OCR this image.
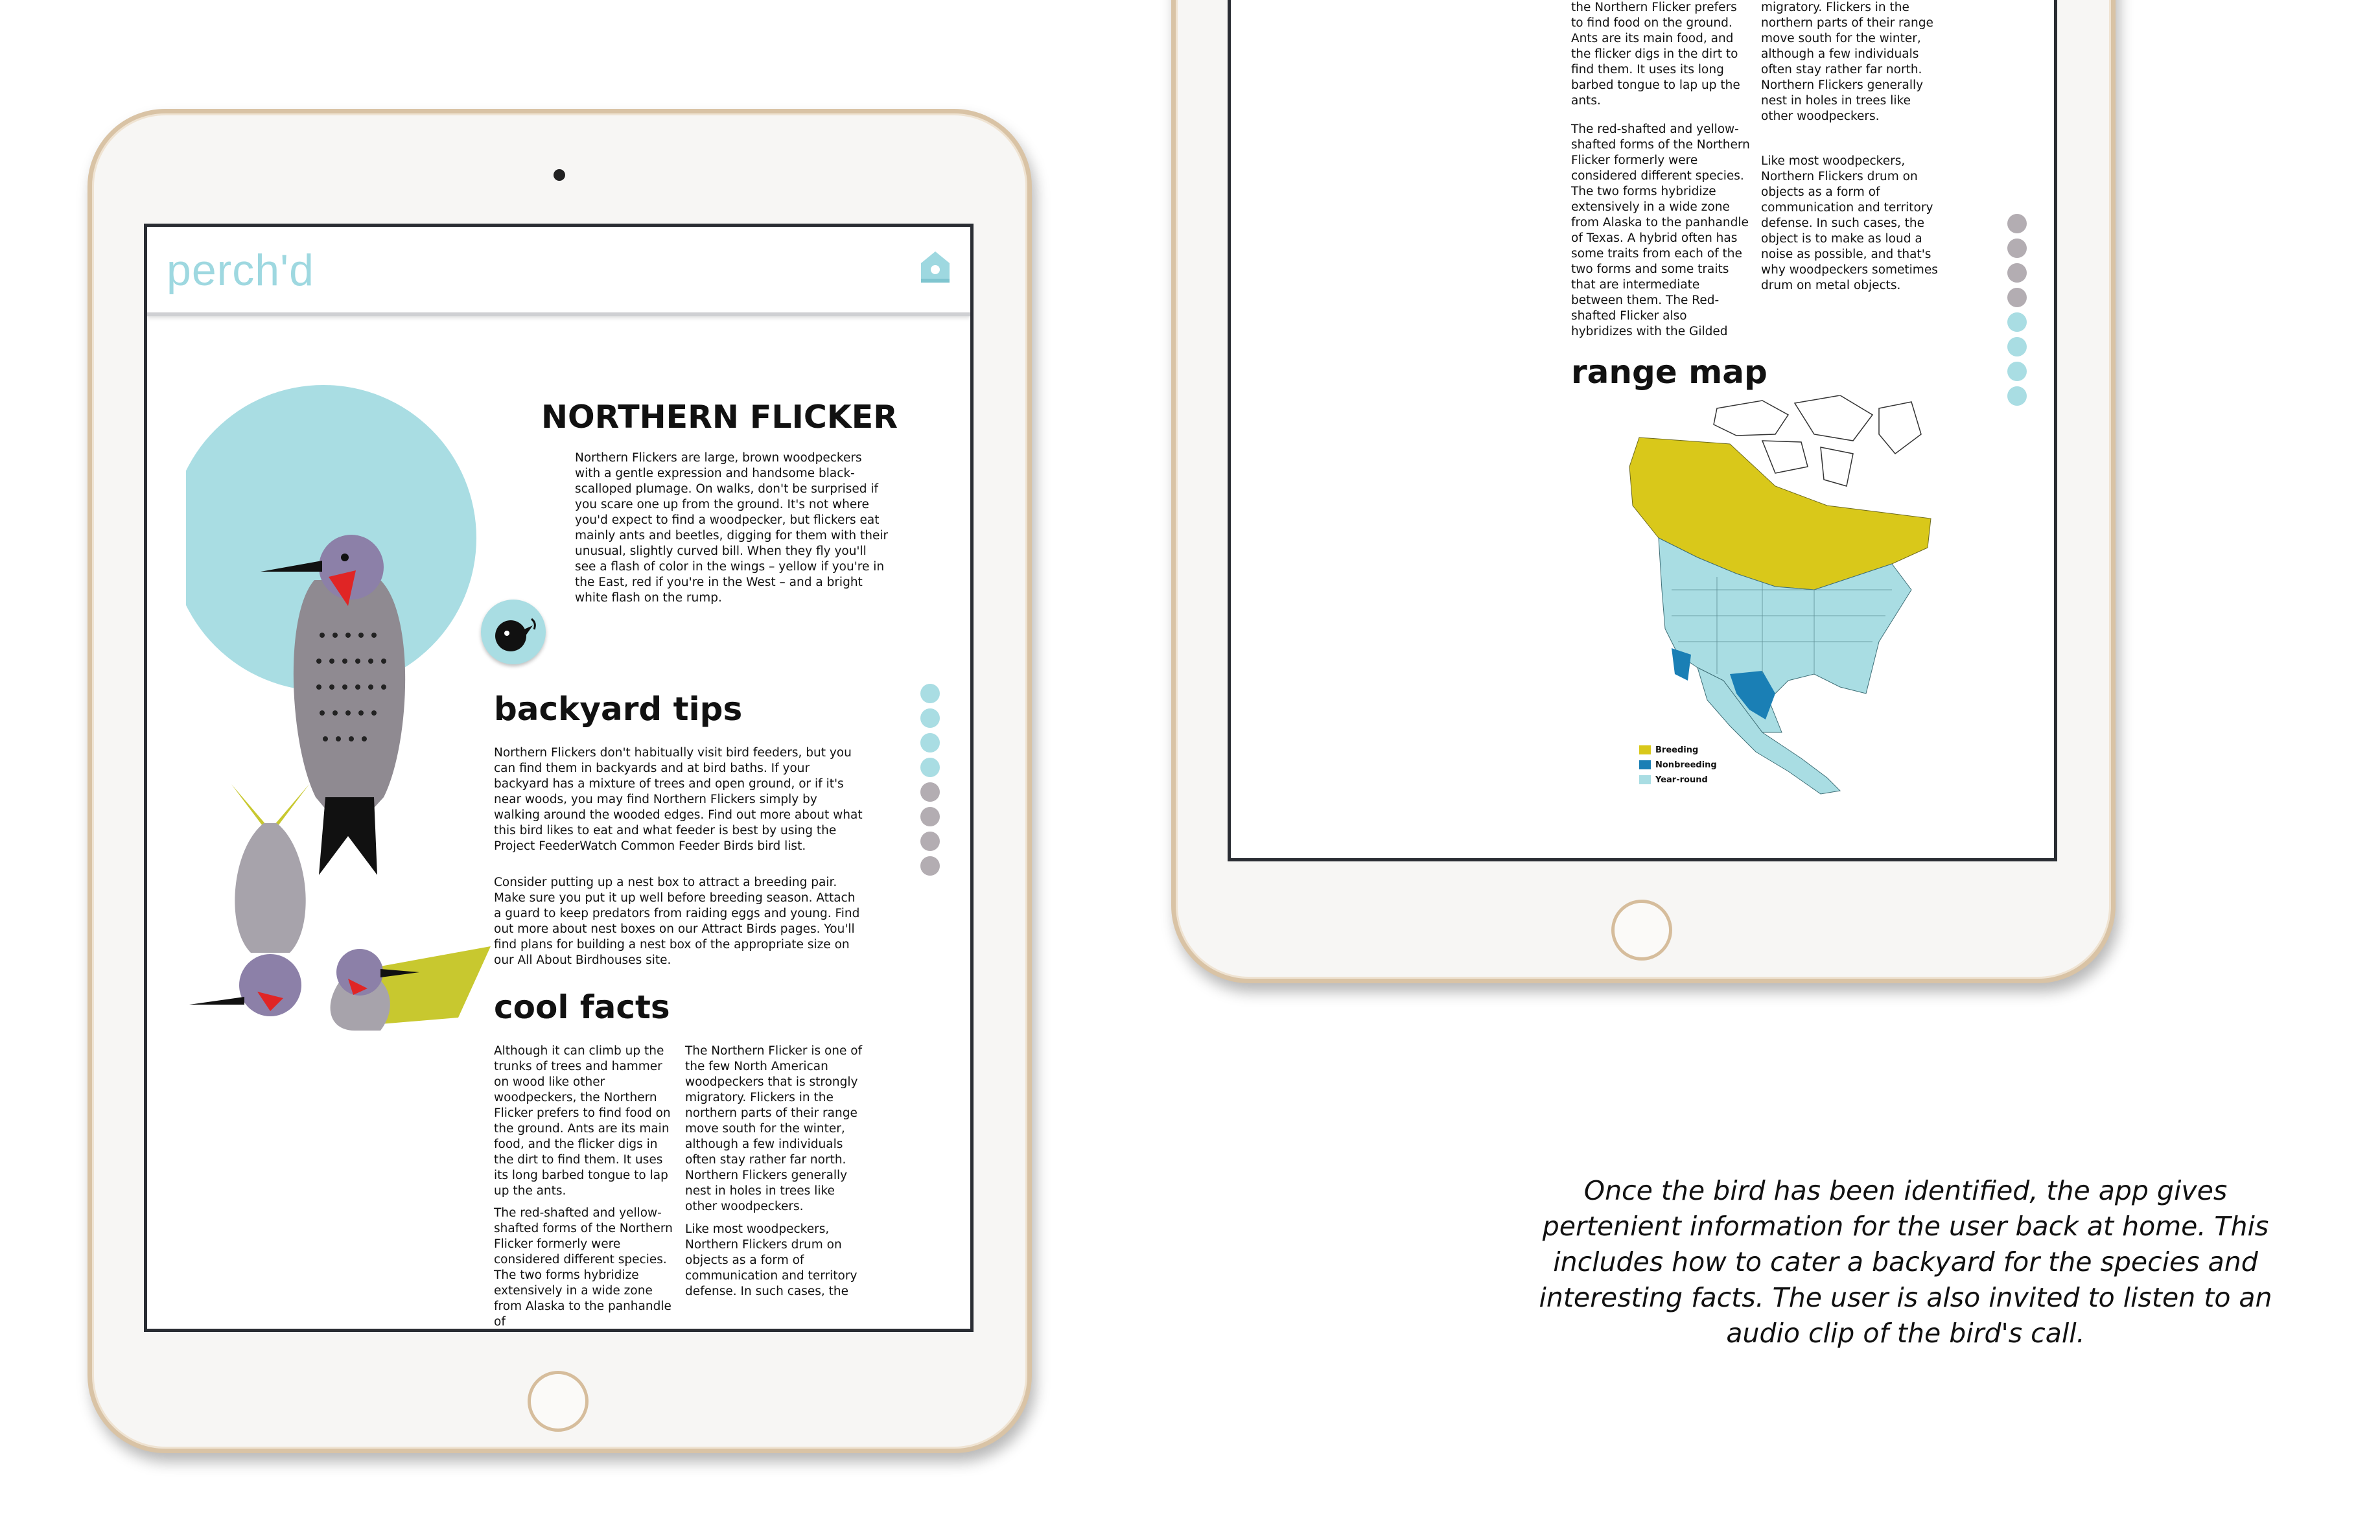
perch'd
NORTHERN FLICKER

Northern Flickers are large, brown woodpeckers with a gentle expression and handsome black-scalloped plumage. On walks, don't be surprised if you scare one up from the ground. It's not where you'd expect to find a woodpecker, but flickers eat mainly ants and beetles, digging for them with their unusual, slightly curved bill. When they fly you'll see a flash of color in the wings – yellow if you're in the East, red if you're in the West – and a bright white flash on the rump.

backyard tips

Northern Flickers don't habitually visit bird feeders, but you can find them in backyards and at bird baths. If your backyard has a mixture of trees and open ground, or if it's near woods, you may find Northern Flickers simply by walking around the wooded edges. Find out more about what this bird likes to eat and what feeder is best by using the Project FeederWatch Common Feeder Birds bird list.

Consider putting up a nest box to attract a breeding pair. Make sure you put it up well before breeding season. Attach a guard to keep predators from raiding eggs and young. Find out more about nest boxes on our Attract Birds pages. You'll find plans for building a nest box of the appropriate size on our All About Birdhouses site.

cool facts

Although it can climb up the trunks of trees and hammer on wood like other woodpeckers, the Northern Flicker prefers to find food on the ground. Ants are its main food, and the flicker digs in the dirt to find them. It uses its long barbed tongue to lap up the ants.

The red-shafted and yellow-shafted forms of the Northern Flicker formerly were considered different species. The two forms hybridize extensively in a wide zone from Alaska to the panhandle of

The Northern Flicker is one of the few North American woodpeckers that is strongly migratory. Flickers in the northern parts of their range move south for the winter, although a few individuals often stay rather far north. Northern Flickers generally nest in holes in trees like other woodpeckers.

Like most woodpeckers, Northern Flickers drum on objects as a form of communication and territory defense. In such cases, the

the Northern Flicker prefers to find food on the ground. Ants are its main food, and the flicker digs in the dirt to find them. It uses its long barbed tongue to lap up the ants.

The red-shafted and yellow-shafted forms of the Northern Flicker formerly were considered different species. The two forms hybridize extensively in a wide zone from Alaska to the panhandle of Texas. A hybrid often has some traits from each of the two forms and some traits that are intermediate between them. The Red-shafted Flicker also hybridizes with the Gilded

migratory. Flickers in the northern parts of their range move south for the winter, although a few individuals often stay rather far north. Northern Flickers generally nest in holes in trees like other woodpeckers.

Like most woodpeckers, Northern Flickers drum on objects as a form of communication and territory defense. In such cases, the object is to make as loud a noise as possible, and that's why woodpeckers sometimes drum on metal objects.

range map
Breeding
Nonbreeding
Year-round

Once the bird has been identified, the app gives pertenient information for the user back at home. This includes how to cater a backyard for the species and interesting facts. The user is also invited to listen to an audio clip of the bird's call.
